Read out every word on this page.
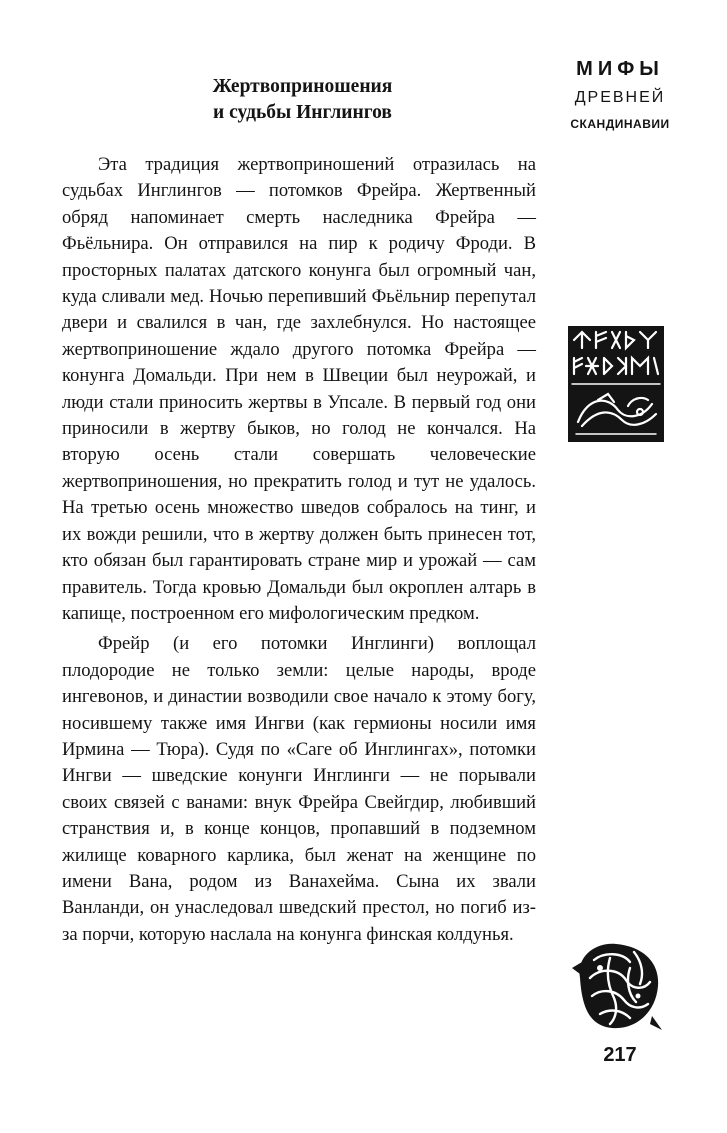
МИФЫ
ДРЕВНЕЙ
СКАНДИНАВИИ
Жертвоприношения
и судьбы Инглингов

Эта традиция жертвоприношений отразилась на судьбах Инглингов — потомков Фрейра. Жертвенный обряд напоминает смерть наследника Фрейра — Фьёльнира. Он отправился на пир к родичу Фроди. В просторных палатах датского конунга был огромный чан, куда сливали мед. Ночью перепивший Фьёльнир перепутал двери и свалился в чан, где захлебнулся. Но настоящее жертвоприношение ждало другого потомка Фрейра — конунга Домальди. При нем в Швеции был неурожай, и люди стали приносить жертвы в Упсале. В первый год они приносили в жертву быков, но голод не кончался. На вторую осень стали совершать человеческие жертвоприношения, но прекратить голод и тут не удалось. На третью осень множество шведов собралось на тинг, и их вожди решили, что в жертву должен быть принесен тот, кто обязан был гарантировать стране мир и урожай — сам правитель. Тогда кровью Домальди был окроплен алтарь в капище, построенном его мифологическим предком.

Фрейр (и его потомки Инглинги) воплощал плодородие не только земли: целые народы, вроде ингевонов, и династии возводили свое начало к этому богу, носившему также имя Ингви (как гермионы носили имя Ирмина — Тюра). Судя по «Саге об Инглингах», потомки Ингви — шведские конунги Инглинги — не порывали своих связей с ванами: внук Фрейра Свейгдир, любивший странствия и, в конце концов, пропавший в подземном жилище коварного карлика, был женат на женщине по имени Вана, родом из Ванахейма. Сына их звали Ванланди, он унаследовал шведский престол, но погиб из-за порчи, которую наслала на конунга финская колдунья.

217
